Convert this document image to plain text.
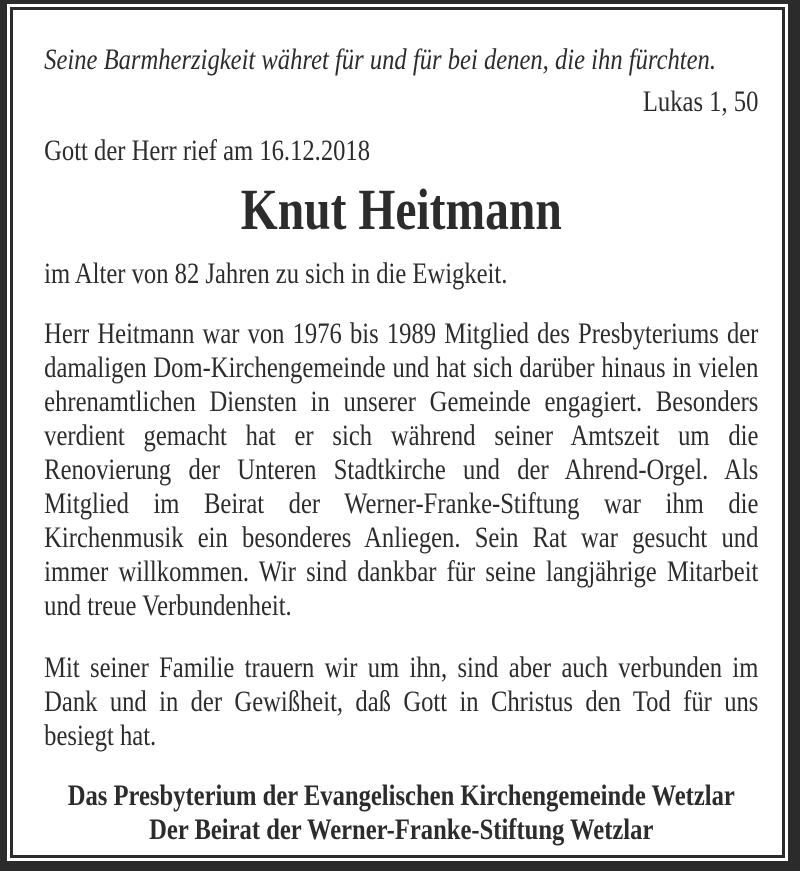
Seine Barmherzigkeit währet für und für bei denen, die ihn fürchten.

Lukas 1, 50

Gott der Herr rief am 16.12.2018

Knut Heitmann

im Alter von 82 Jahren zu sich in die Ewigkeit.

Herr Heitmann war von 1976 bis 1989 Mitglied des Presbyteriums der damaligen Dom-Kirchengemeinde und hat sich darüber hinaus in vielen ehrenamtlichen Diensten in unserer Gemeinde engagiert. Besonders verdient gemacht hat er sich während seiner Amtszeit um die Renovierung der Unteren Stadtkirche und der Ahrend-Orgel. Als Mitglied im Beirat der Werner-Franke-Stiftung war ihm die Kirchenmusik ein besonderes Anliegen. Sein Rat war gesucht und immer willkommen. Wir sind dankbar für seine langjährige Mitarbeit und treue Verbundenheit.

Mit seiner Familie trauern wir um ihn, sind aber auch verbunden im Dank und in der Gewißheit, daß Gott in Christus den Tod für uns besiegt hat.

Das Presbyterium der Evangelischen Kirchengemeinde Wetzlar

Der Beirat der Werner-Franke-Stiftung Wetzlar
